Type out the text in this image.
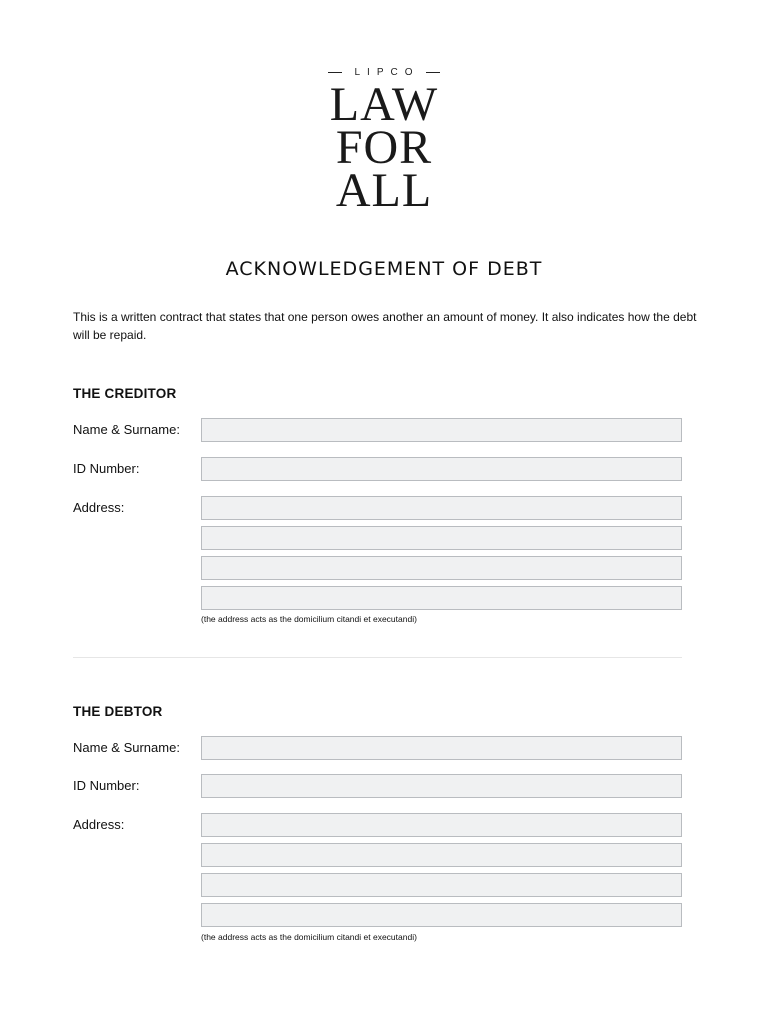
LIPCO
LAW
FOR
ALL
ACKNOWLEDGEMENT OF DEBT
This is a written contract that states that one person owes another an amount of money. It also indicates how the debt will be repaid.
THE CREDITOR
Name & Surname:
ID Number:
Address:
(the address acts as the domicilium citandi et executandi)
THE DEBTOR
Name & Surname:
ID Number:
Address:
(the address acts as the domicilium citandi et executandi)
